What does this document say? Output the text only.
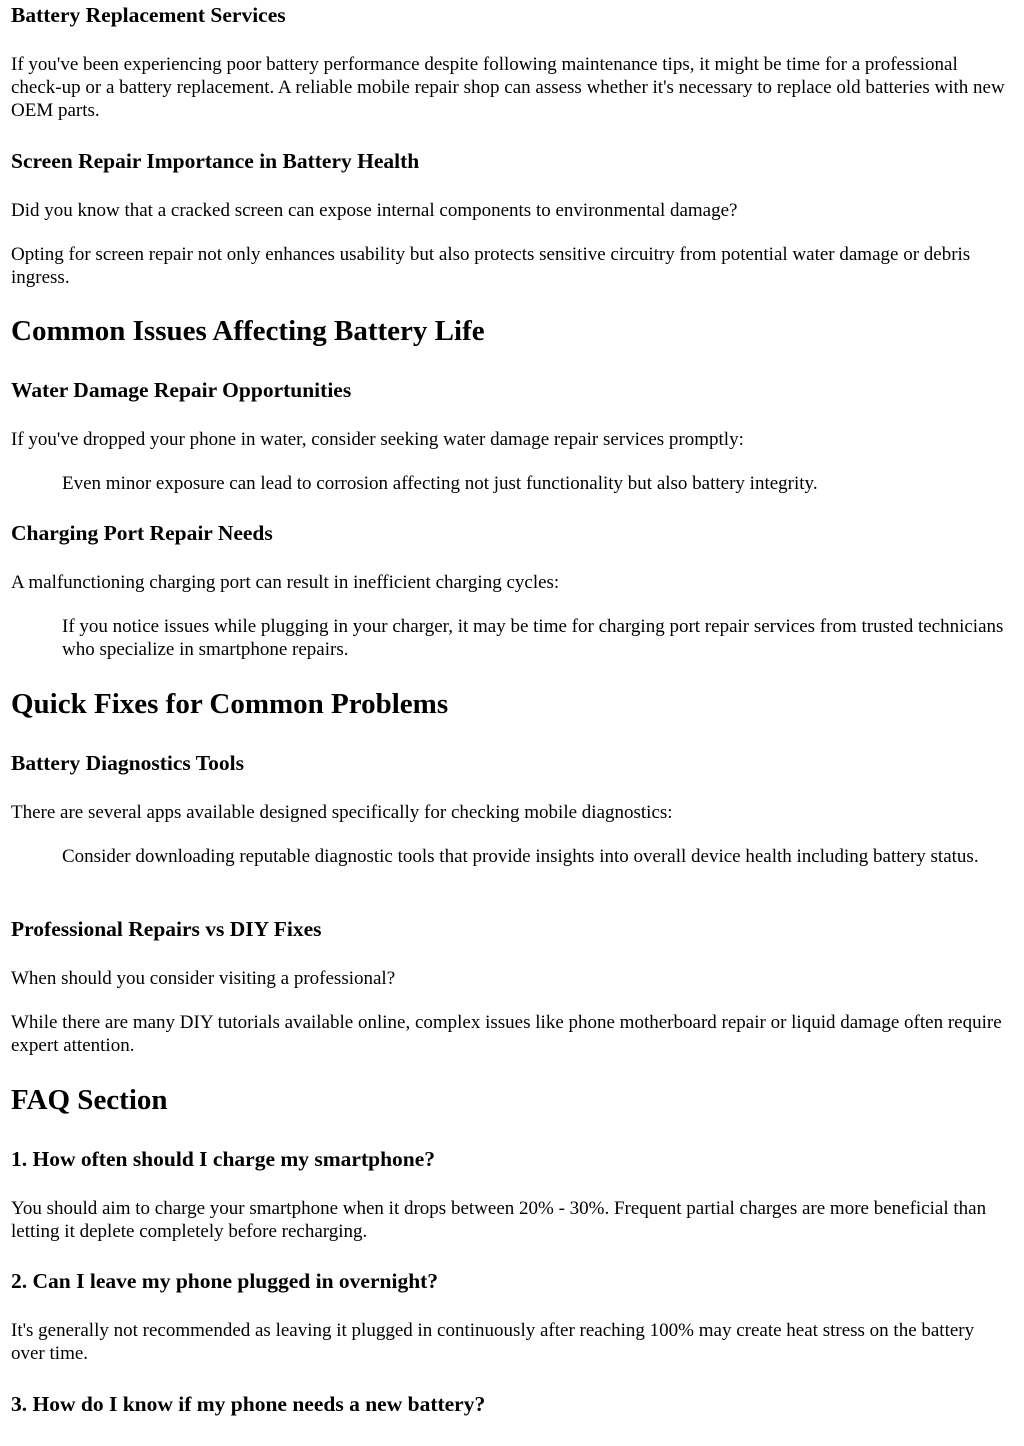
Battery Replacement Services

If you've been experiencing poor battery performance despite following maintenance tips, it might be time for a professional check-up or a battery replacement. A reliable mobile repair shop can assess whether it's necessary to replace old batteries with new OEM parts.

Screen Repair Importance in Battery Health

Did you know that a cracked screen can expose internal components to environmental damage?

Opting for screen repair not only enhances usability but also protects sensitive circuitry from potential water damage or debris ingress.

Common Issues Affecting Battery Life
Water Damage Repair Opportunities

If you've dropped your phone in water, consider seeking water damage repair services promptly:

Even minor exposure can lead to corrosion affecting not just functionality but also battery integrity.
Charging Port Repair Needs

A malfunctioning charging port can result in inefficient charging cycles:

If you notice issues while plugging in your charger, it may be time for charging port repair services from trusted technicians who specialize in smartphone repairs.
Quick Fixes for Common Problems
Battery Diagnostics Tools

There are several apps available designed specifically for checking mobile diagnostics:

Consider downloading reputable diagnostic tools that provide insights into overall device health including battery status.
Professional Repairs vs DIY Fixes

When should you consider visiting a professional?

While there are many DIY tutorials available online, complex issues like phone motherboard repair or liquid damage often require expert attention.

FAQ Section
1. How often should I charge my smartphone?

You should aim to charge your smartphone when it drops between 20% - 30%. Frequent partial charges are more beneficial than letting it deplete completely before recharging.

2. Can I leave my phone plugged in overnight?

It's generally not recommended as leaving it plugged in continuously after reaching 100% may create heat stress on the battery over time.

3. How do I know if my phone needs a new battery?
